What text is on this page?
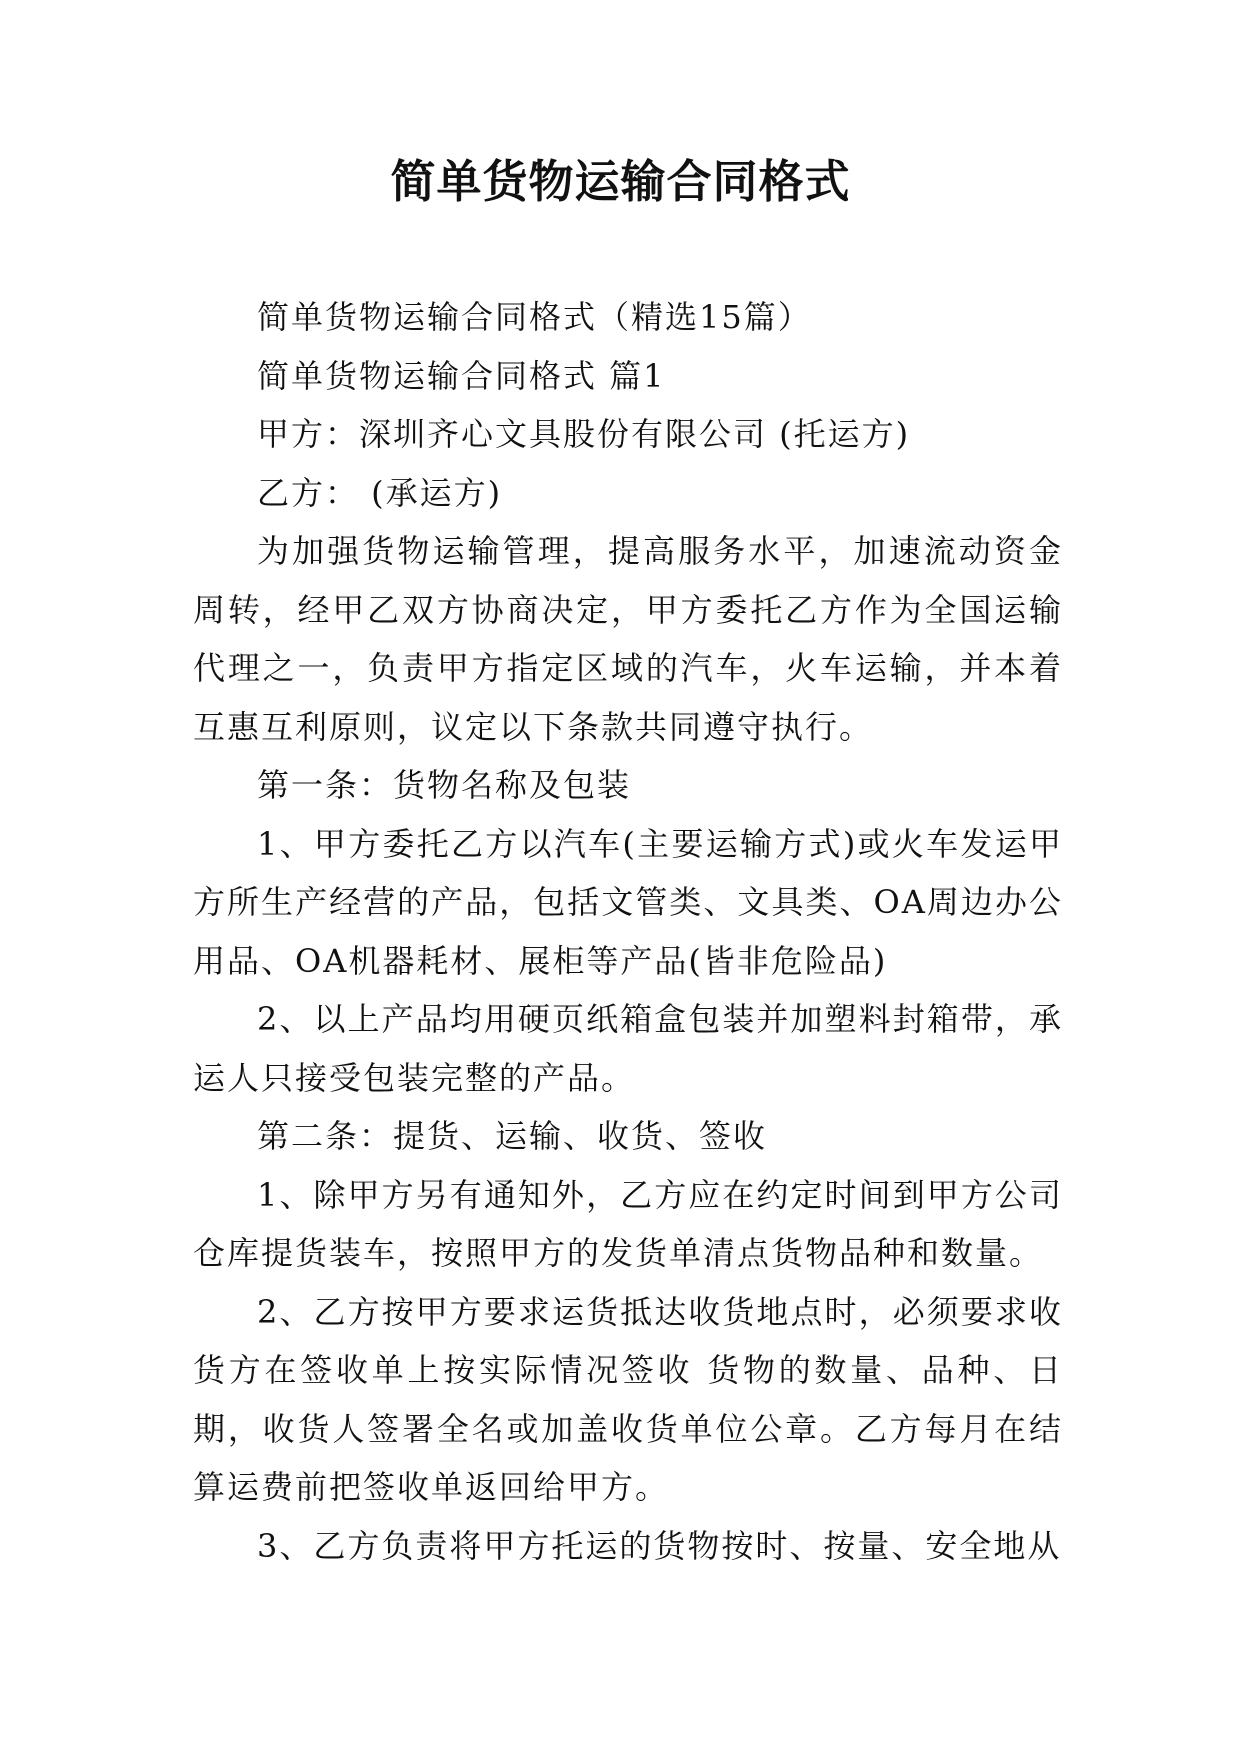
简单货物运输合同格式

简单货物运输合同格式（精选15篇）

简单货物运输合同格式 篇1

甲方：深圳齐心文具股份有限公司 (托运方)

乙方： (承运方)

为加强货物运输管理，提高服务水平，加速流动资金周转，经甲乙双方协商决定，甲方委托乙方作为全国运输代理之一，负责甲方指定区域的汽车，火车运输，并本着互惠互利原则，议定以下条款共同遵守执行。

第一条：货物名称及包装

1、甲方委托乙方以汽车(主要运输方式)或火车发运甲方所生产经营的产品，包括文管类、文具类、OA周边办公用品、OA机器耗材、展柜等产品(皆非危险品)

2、以上产品均用硬页纸箱盒包装并加塑料封箱带，承运人只接受包装完整的产品。

第二条：提货、运输、收货、签收

1、除甲方另有通知外，乙方应在约定时间到甲方公司仓库提货装车，按照甲方的发货单清点货物品种和数量。

2、乙方按甲方要求运货抵达收货地点时，必须要求收货方在签收单上按实际情况签收 货物的数量、品种、日期，收货人签署全名或加盖收货单位公章。乙方每月在结算运费前把签收单返回给甲方。

3、乙方负责将甲方托运的货物按时、按量、安全地从
